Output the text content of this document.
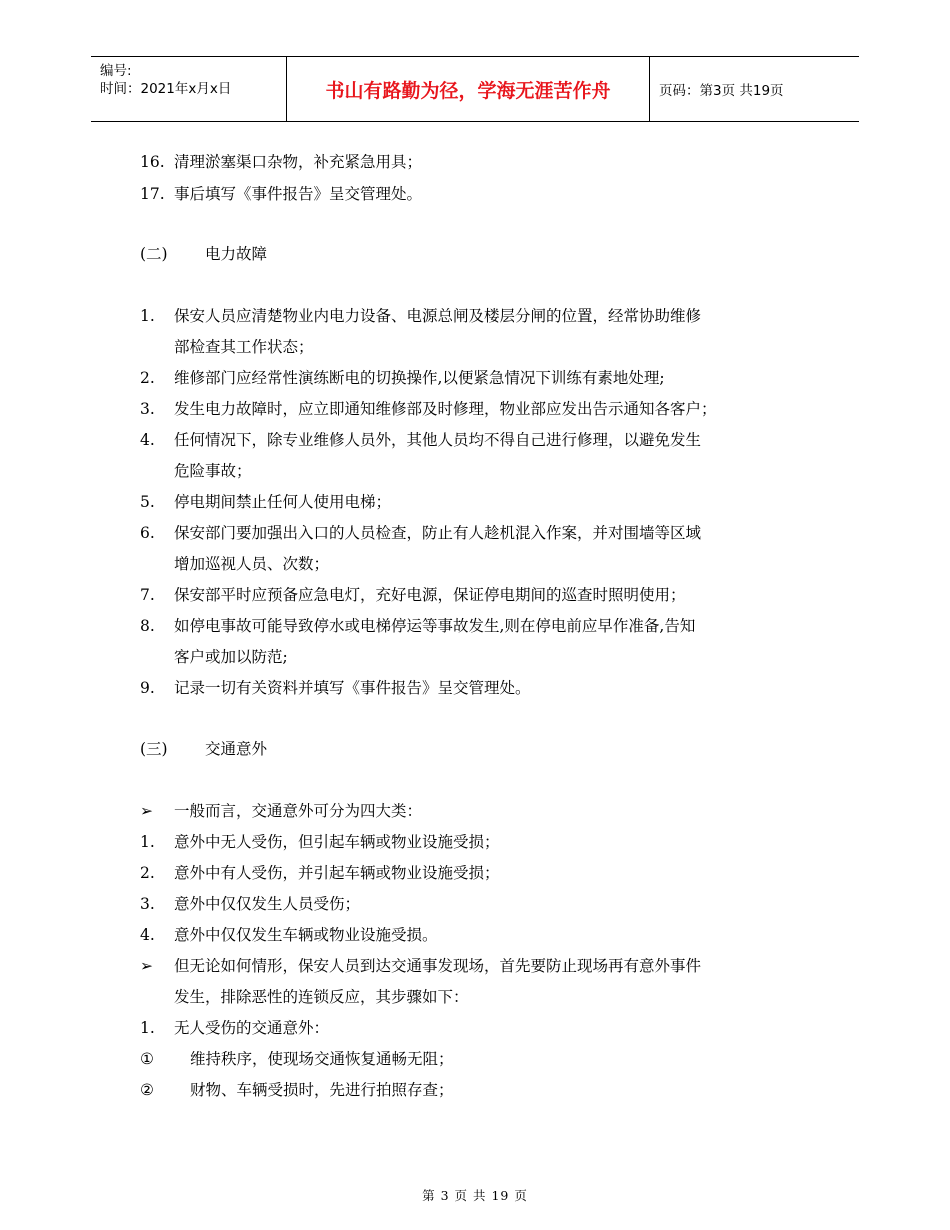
编号:
时间：2021年x月x日	书山有路勤为径，学海无涯苦作舟	页码：第3页 共19页
16. 清理淤塞渠口杂物，补充紧急用具；
17. 事后填写《事件报告》呈交管理处。
(二) 电力故障
1. 保安人员应清楚物业内电力设备、电源总闸及楼层分闸的位置，经常协助维修
部检查其工作状态；
2. 维修部门应经常性演练断电的切换操作,以便紧急情况下训练有素地处理;
3. 发生电力故障时，应立即通知维修部及时修理，物业部应发出告示通知各客户；
4. 任何情况下，除专业维修人员外，其他人员均不得自己进行修理，以避免发生
危险事故；
5. 停电期间禁止任何人使用电梯；
6. 保安部门要加强出入口的人员检查，防止有人趁机混入作案，并对围墙等区域
增加巡视人员、次数；
7. 保安部平时应预备应急电灯，充好电源，保证停电期间的巡查时照明使用；
8. 如停电事故可能导致停水或电梯停运等事故发生,则在停电前应早作准备,告知
客户或加以防范;
9. 记录一切有关资料并填写《事件报告》呈交管理处。
(三) 交通意外
➢ 一般而言，交通意外可分为四大类：
1. 意外中无人受伤，但引起车辆或物业设施受损；
2. 意外中有人受伤，并引起车辆或物业设施受损；
3. 意外中仅仅发生人员受伤；
4. 意外中仅仅发生车辆或物业设施受损。
➢ 但无论如何情形，保安人员到达交通事发现场，首先要防止现场再有意外事件
发生，排除恶性的连锁反应，其步骤如下：
1. 无人受伤的交通意外：
① 维持秩序，使现场交通恢复通畅无阻；
② 财物、车辆受损时，先进行拍照存查；
第 3 页 共 19 页
